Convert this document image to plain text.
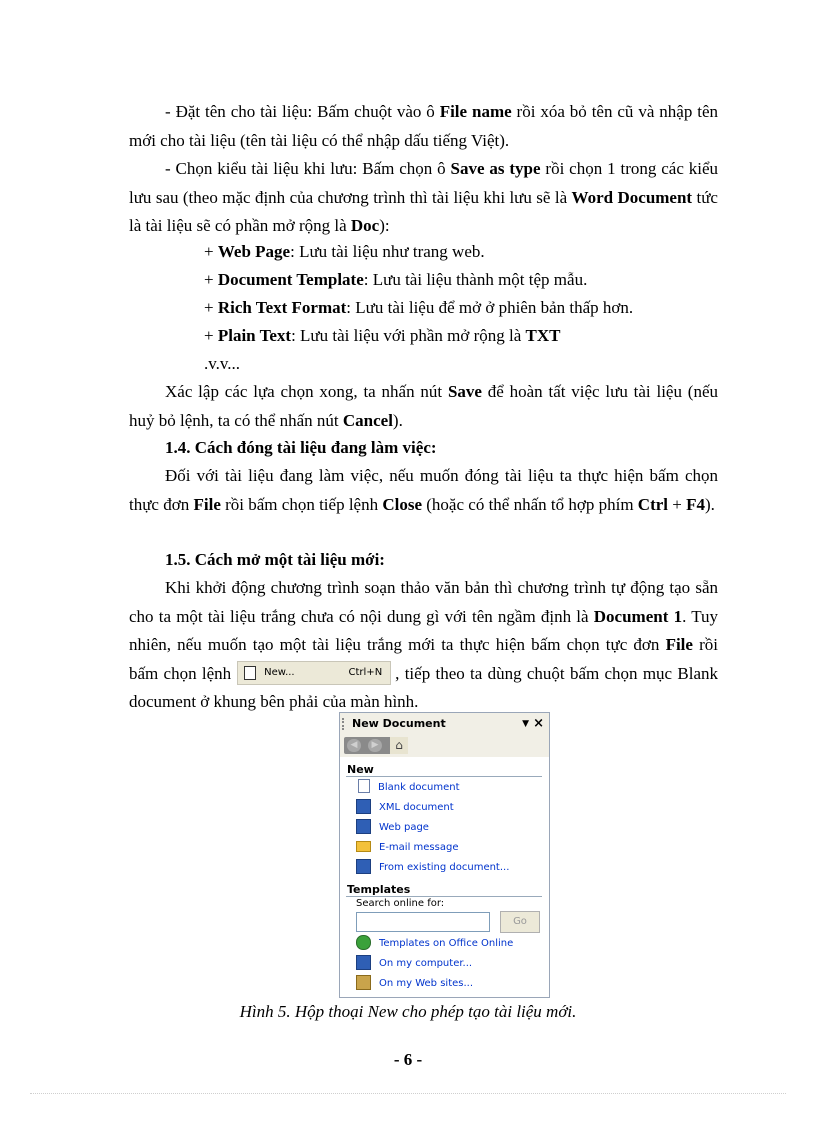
- Đặt tên cho tài liệu: Bấm chuột vào ô File name rồi xóa bỏ tên cũ và nhập tên mới cho tài liệu (tên tài liệu có thể nhập dấu tiếng Việt).
- Chọn kiểu tài liệu khi lưu: Bấm chọn ô Save as type rồi chọn 1 trong các kiểu lưu sau (theo mặc định của chương trình thì tài liệu khi lưu sẽ là Word Document tức là tài liệu sẽ có phần mở rộng là Doc):
+ Web Page: Lưu tài liệu như trang web.
+ Document Template: Lưu tài liệu thành một tệp mẫu.
+ Rich Text Format: Lưu tài liệu để mở ở phiên bản thấp hơn.
+ Plain Text: Lưu tài liệu với phần mở rộng là TXT
.v.v...
Xác lập các lựa chọn xong, ta nhấn nút Save để hoàn tất việc lưu tài liệu (nếu huỷ bỏ lệnh, ta có thể nhấn nút Cancel).
1.4. Cách đóng tài liệu đang làm việc:
Đối với tài liệu đang làm việc, nếu muốn đóng tài liệu ta thực hiện bấm chọn thực đơn File rồi bấm chọn tiếp lệnh Close (hoặc có thể nhấn tổ hợp phím Ctrl + F4).
1.5. Cách mở một tài liệu mới:
Khi khởi động chương trình soạn thảo văn bản thì chương trình tự động tạo sẵn cho ta một tài liệu trắng chưa có nội dung gì với tên ngầm định là Document 1. Tuy nhiên, nếu muốn tạo một tài liệu trắng mới ta thực hiện bấm chọn tực đơn File rồi bấm chọn lệnh	New...	Ctrl+N , tiếp theo ta dùng chuột bấm chọn mục Blank document ở khung bên phải của màn hình.
New Document	▼ ×
◀	▶	⌂
New
Blank document
XML document
Web page
E-mail message
From existing document...
Templates
Search online for:
Go
Templates on Office Online
On my computer...
On my Web sites...
Hình 5. Hộp thoại New cho phép tạo tài liệu mới.
- 6 -
